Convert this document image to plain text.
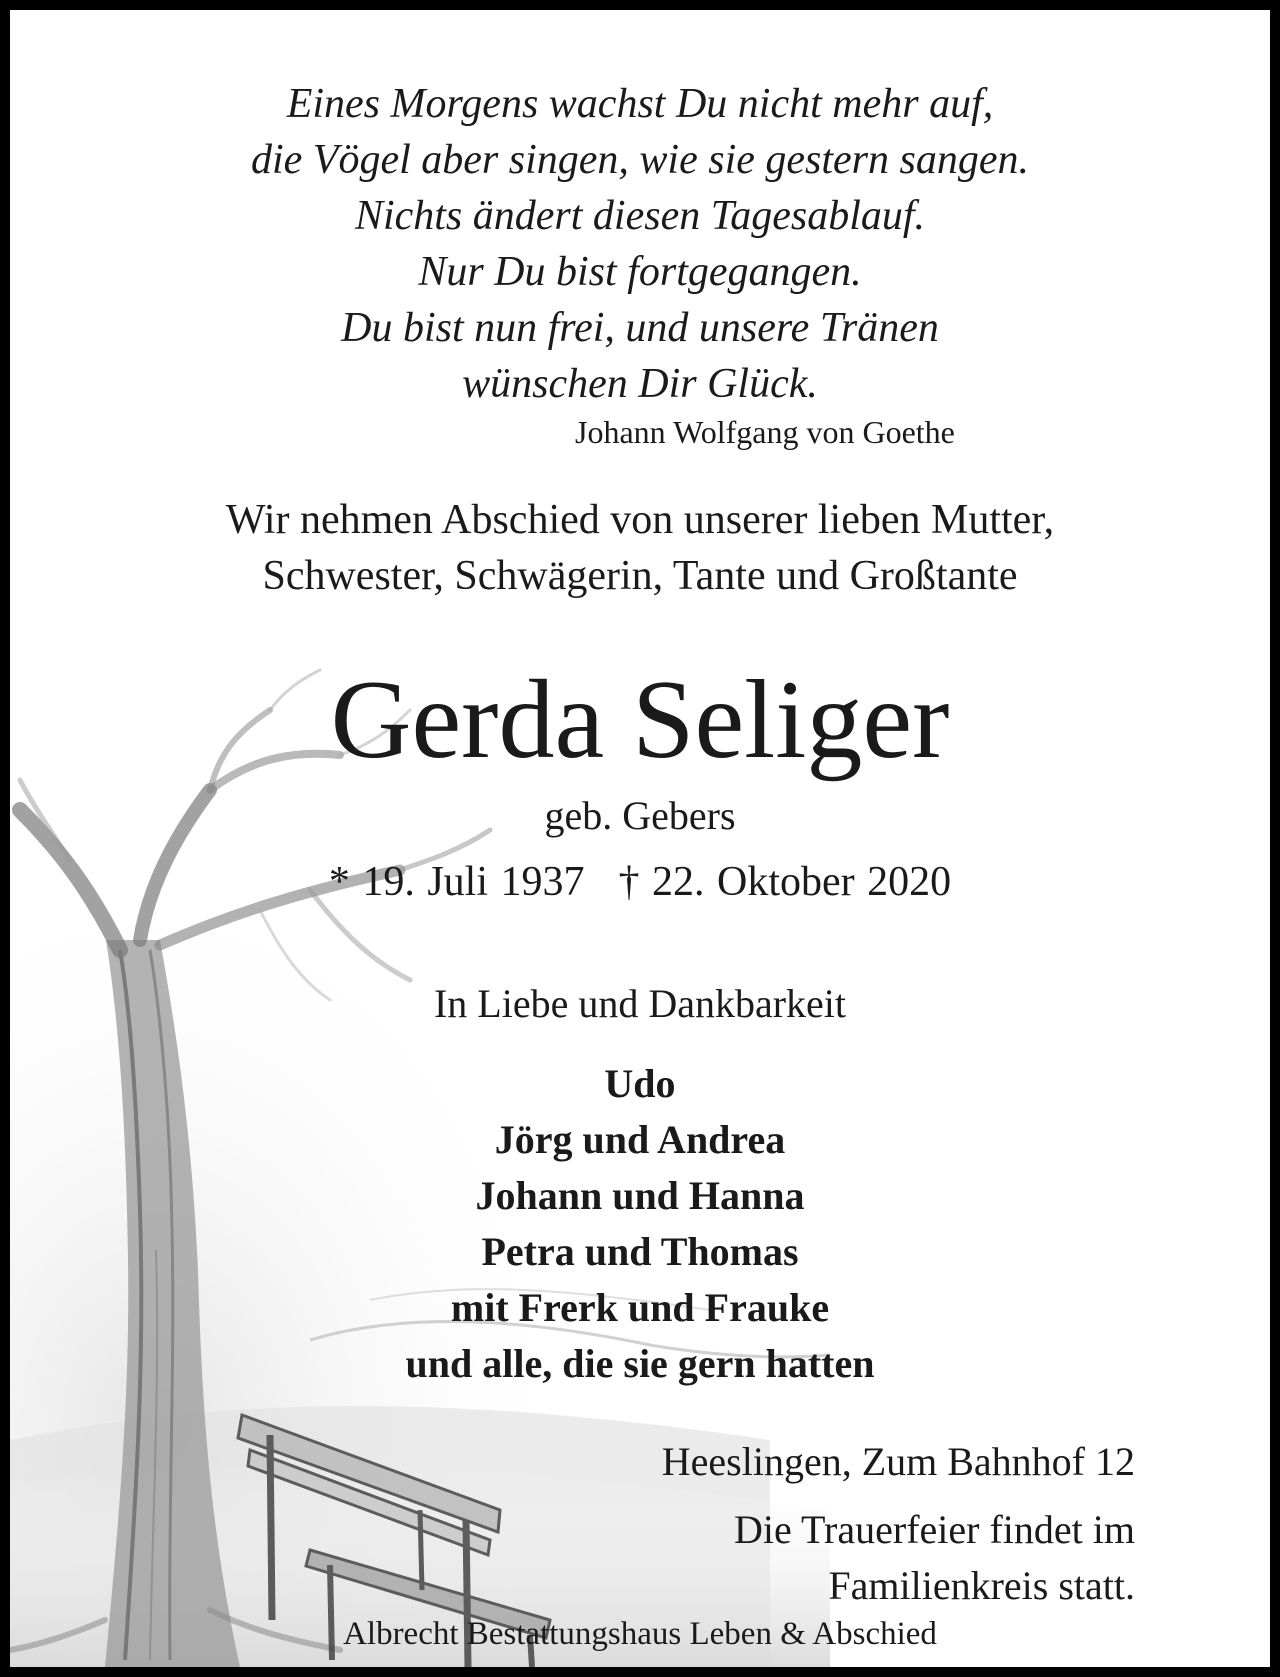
Eines Morgens wachst Du nicht mehr auf,
die Vögel aber singen, wie sie gestern sangen.
Nichts ändert diesen Tagesablauf.
Nur Du bist fortgegangen.
Du bist nun frei, und unsere Tränen
wünschen Dir Glück.
Johann Wolfgang von Goethe
Wir nehmen Abschied von unserer lieben Mutter,
Schwester, Schwägerin, Tante und Großtante
Gerda Seliger
geb. Gebers
* 19. Juli 1937 † 22. Oktober 2020
In Liebe und Dankbarkeit
Udo
Jörg und Andrea
Johann und Hanna
Petra und Thomas
mit Frerk und Frauke
und alle, die sie gern hatten
Heeslingen, Zum Bahnhof 12
Die Trauerfeier findet im
Familienkreis statt.
Albrecht Bestattungshaus Leben & Abschied
